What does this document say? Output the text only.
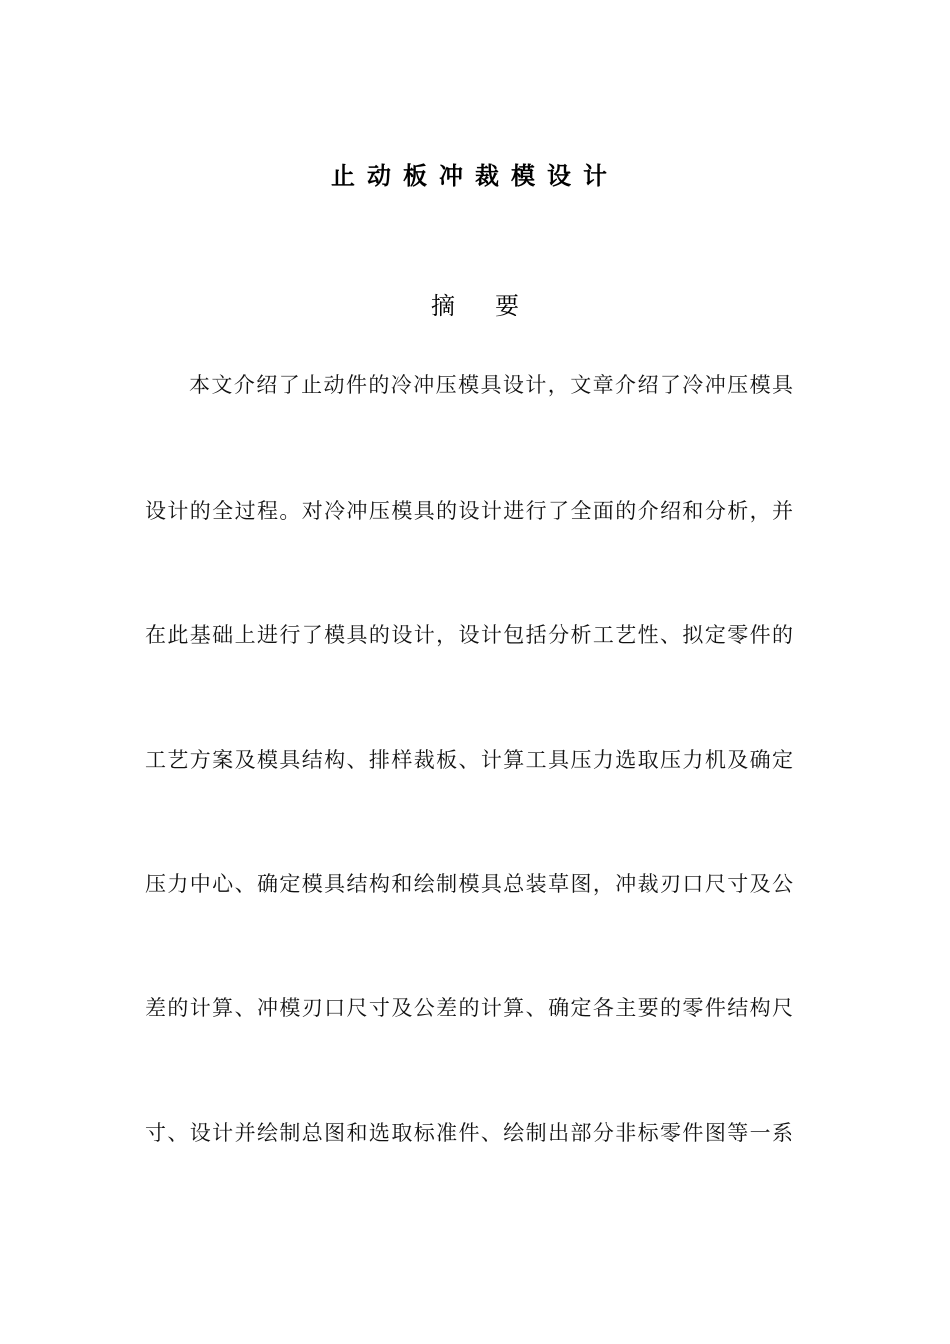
止动板冲裁模设计
摘要
本文介绍了止动件的冷冲压模具设计，文章介绍了冷冲压模具
设计的全过程。对冷冲压模具的设计进行了全面的介绍和分析，并
在此基础上进行了模具的设计，设计包括分析工艺性、拟定零件的
工艺方案及模具结构、排样裁板、计算工具压力选取压力机及确定
压力中心、确定模具结构和绘制模具总装草图，冲裁刃口尺寸及公
差的计算、冲模刃口尺寸及公差的计算、确定各主要的零件结构尺
寸、设计并绘制总图和选取标准件、绘制出部分非标零件图等一系
